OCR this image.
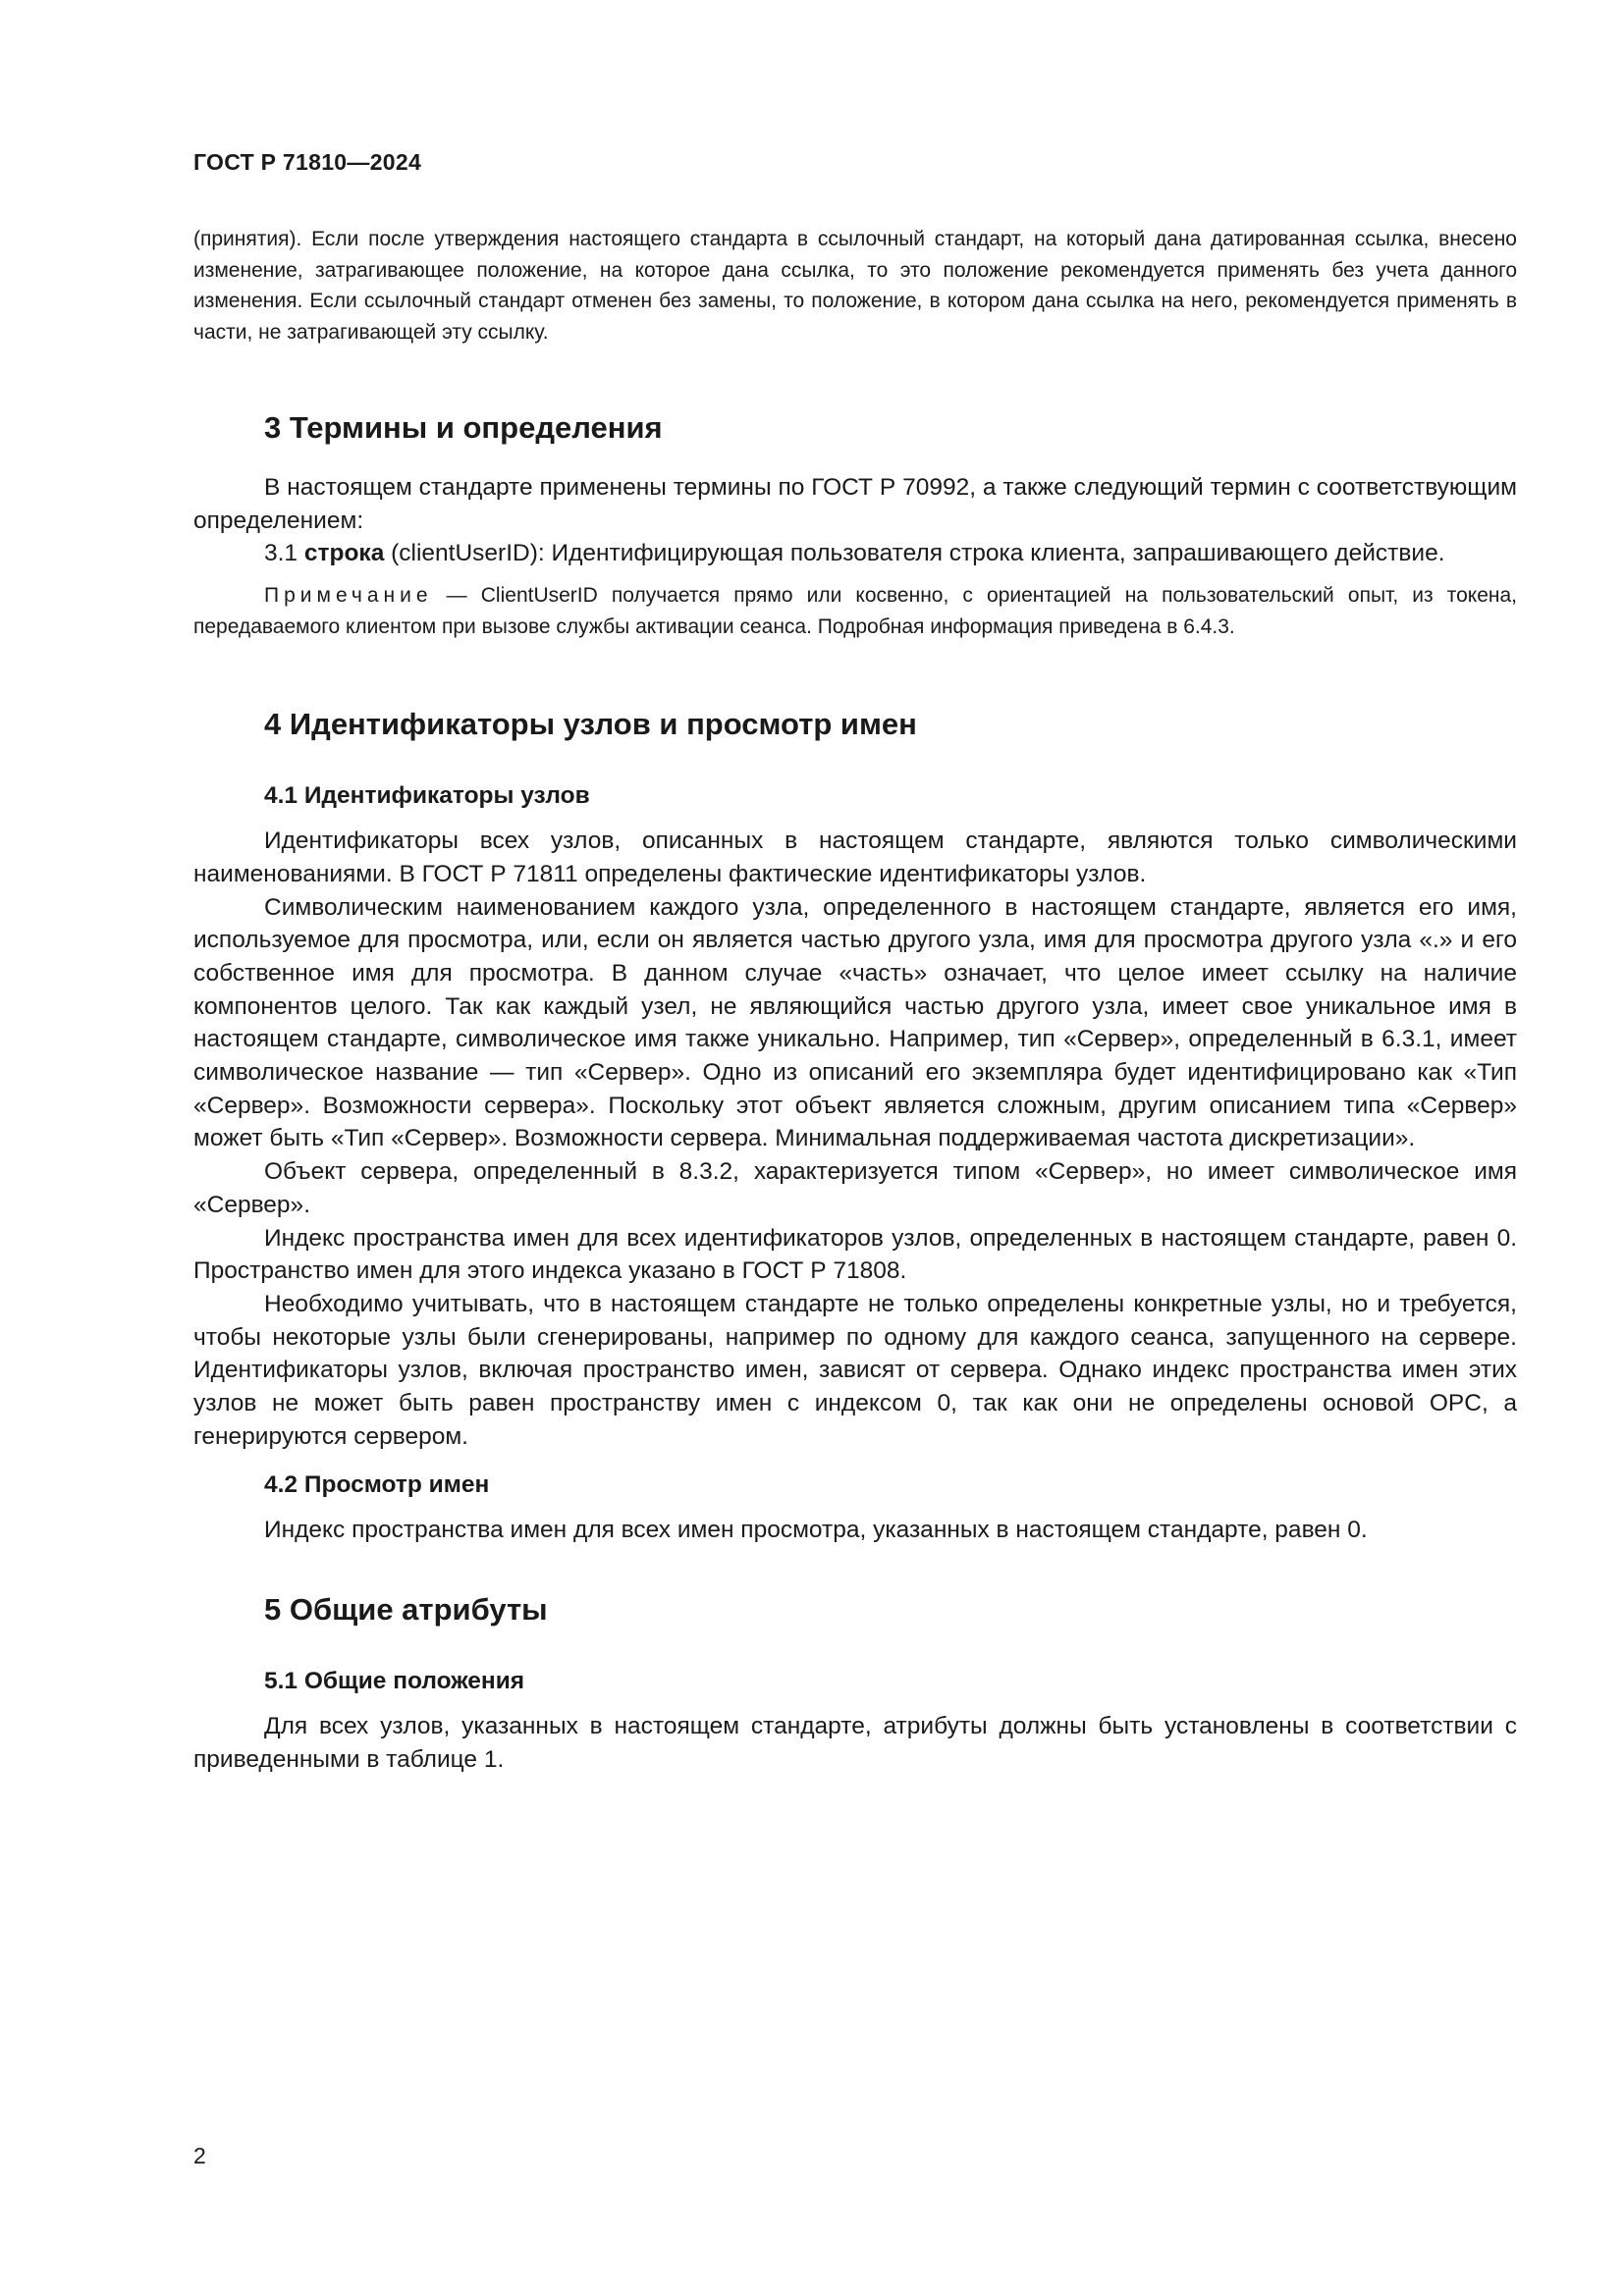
ГОСТ Р 71810—2024

(принятия). Если после утверждения настоящего стандарта в ссылочный стандарт, на который дана датированная ссылка, внесено изменение, затрагивающее положение, на которое дана ссылка, то это положение рекомендуется применять без учета данного изменения. Если ссылочный стандарт отменен без замены, то положение, в котором дана ссылка на него, рекомендуется применять в части, не затрагивающей эту ссылку.

3 Термины и определения

В настоящем стандарте применены термины по ГОСТ Р 70992, а также следующий термин с соответствующим определением:

3.1 строка (clientUserID): Идентифицирующая пользователя строка клиента, запрашивающего действие.

Примечание — ClientUserID получается прямо или косвенно, с ориентацией на пользовательский опыт, из токена, передаваемого клиентом при вызове службы активации сеанса. Подробная информация приведена в 6.4.3.

4 Идентификаторы узлов и просмотр имен
4.1 Идентификаторы узлов

Идентификаторы всех узлов, описанных в настоящем стандарте, являются только символическими наименованиями. В ГОСТ Р 71811 определены фактические идентификаторы узлов.

Символическим наименованием каждого узла, определенного в настоящем стандарте, является его имя, используемое для просмотра, или, если он является частью другого узла, имя для просмотра другого узла «.» и его собственное имя для просмотра. В данном случае «часть» означает, что целое имеет ссылку на наличие компонентов целого. Так как каждый узел, не являющийся частью другого узла, имеет свое уникальное имя в настоящем стандарте, символическое имя также уникально. Например, тип «Сервер», определенный в 6.3.1, имеет символическое название — тип «Сервер». Одно из описаний его экземпляра будет идентифицировано как «Тип «Сервер». Возможности сервера». Поскольку этот объект является сложным, другим описанием типа «Сервер» может быть «Тип «Сервер». Возможности сервера. Минимальная поддерживаемая частота дискретизации».

Объект сервера, определенный в 8.3.2, характеризуется типом «Сервер», но имеет символическое имя «Сервер».

Индекс пространства имен для всех идентификаторов узлов, определенных в настоящем стандарте, равен 0. Пространство имен для этого индекса указано в ГОСТ Р 71808.

Необходимо учитывать, что в настоящем стандарте не только определены конкретные узлы, но и требуется, чтобы некоторые узлы были сгенерированы, например по одному для каждого сеанса, запущенного на сервере. Идентификаторы узлов, включая пространство имен, зависят от сервера. Однако индекс пространства имен этих узлов не может быть равен пространству имен с индексом 0, так как они не определены основой OPC, а генерируются сервером.

4.2 Просмотр имен

Индекс пространства имен для всех имен просмотра, указанных в настоящем стандарте, равен 0.

5 Общие атрибуты
5.1 Общие положения

Для всех узлов, указанных в настоящем стандарте, атрибуты должны быть установлены в соответствии с приведенными в таблице 1.

2
